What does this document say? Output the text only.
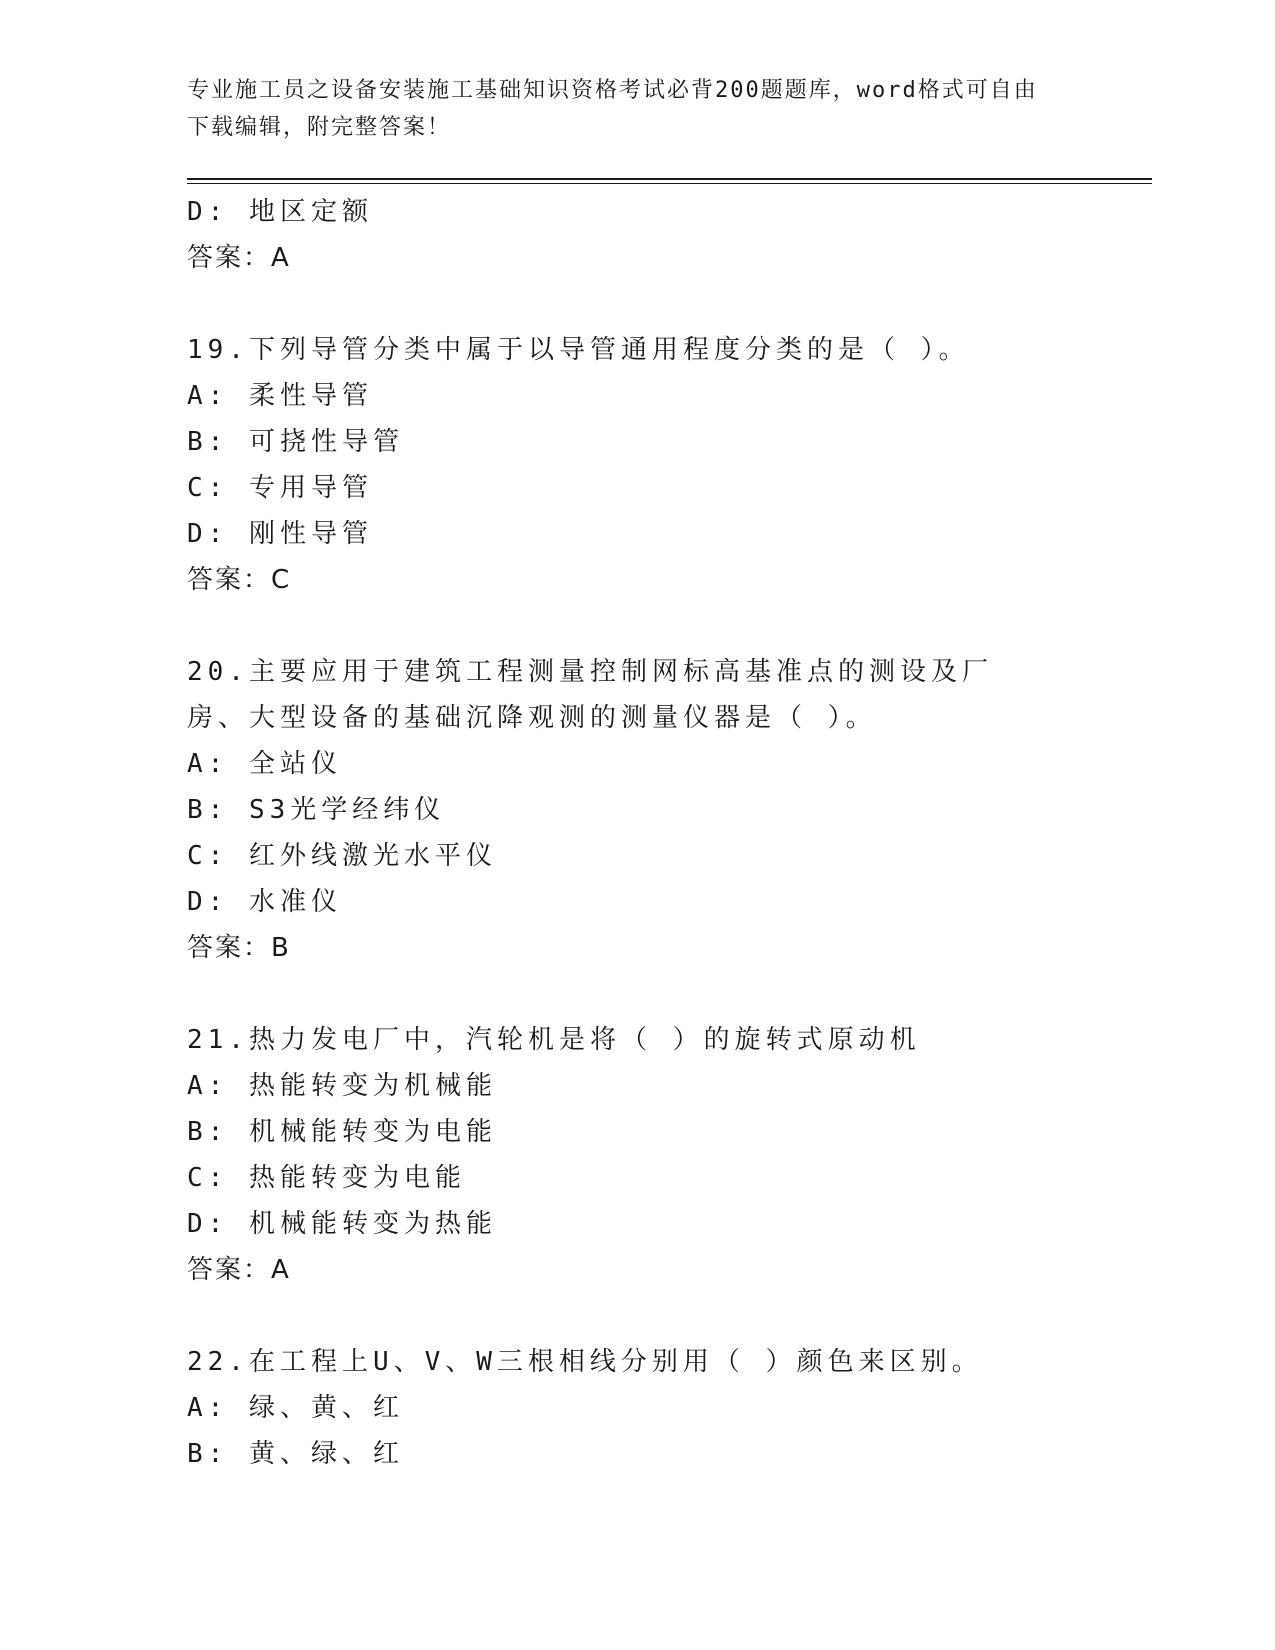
专业施工员之设备安装施工基础知识资格考试必背200题题库，word格式可自由
下载编辑，附完整答案！
D: 地区定额
答案：A
19.下列导管分类中属于以导管通用程度分类的是（ ）。
A: 柔性导管
B: 可挠性导管
C: 专用导管
D: 刚性导管
答案：C
20.主要应用于建筑工程测量控制网标高基准点的测设及厂房、大型设备的基础沉降观测的测量仪器是（ ）。
A: 全站仪
B: S3光学经纬仪
C: 红外线激光水平仪
D: 水准仪
答案：B
21.热力发电厂中，汽轮机是将（ ）的旋转式原动机
A: 热能转变为机械能
B: 机械能转变为电能
C: 热能转变为电能
D: 机械能转变为热能
答案：A
22.在工程上U、V、W三根相线分别用（ ）颜色来区别。
A: 绿、黄、红
B: 黄、绿、红
